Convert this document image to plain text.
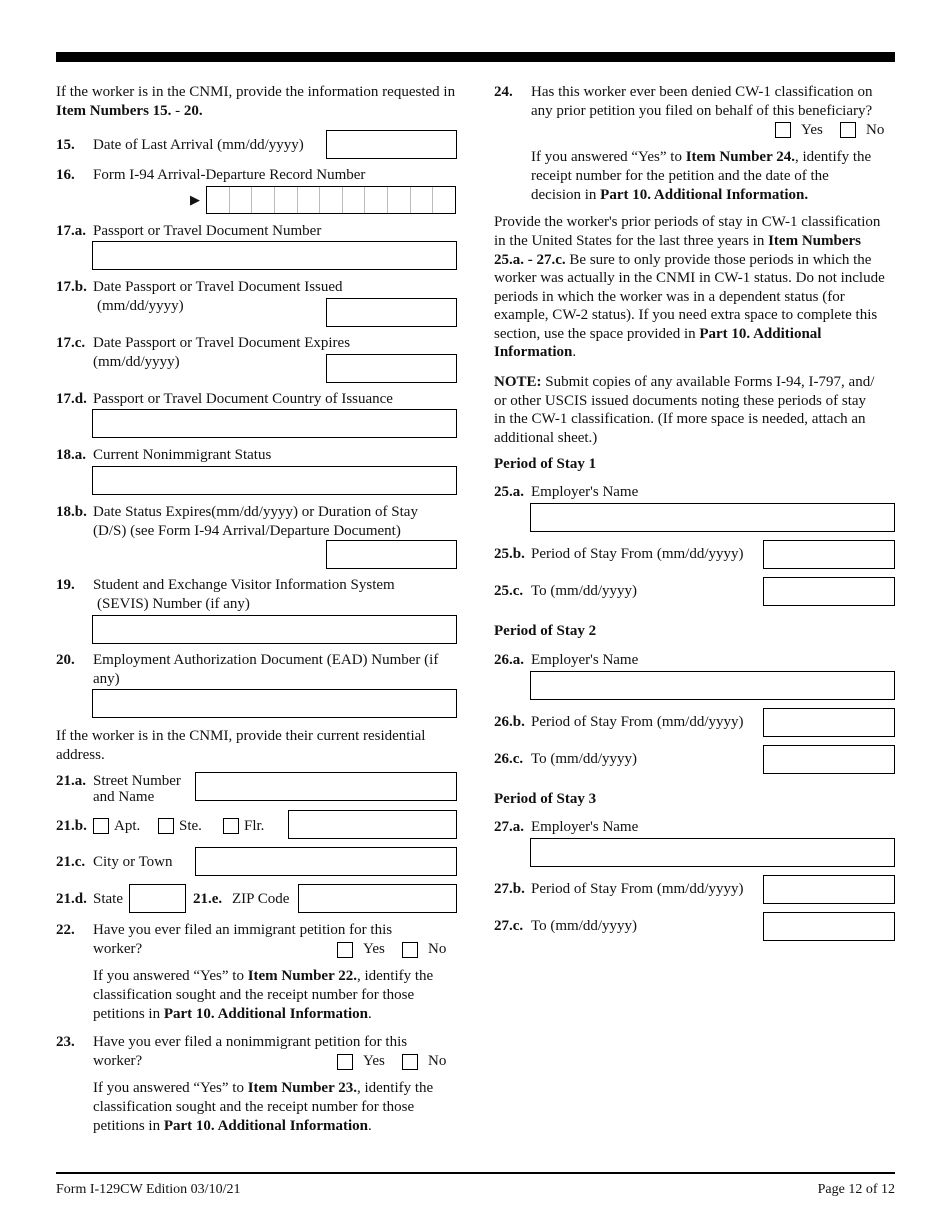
If the worker is in the CNMI, provide the information requested in Item Numbers 15. - 20.
15. Date of Last Arrival (mm/dd/yyyy)
16. Form I-94 Arrival-Departure Record Number
▶
17.a. Passport or Travel Document Number
17.b. Date Passport or Travel Document Issued
(mm/dd/yyyy)
17.c. Date Passport or Travel Document Expires
(mm/dd/yyyy)
17.d. Passport or Travel Document Country of Issuance
18.a. Current Nonimmigrant Status
18.b. Date Status Expires(mm/dd/yyyy) or Duration of Stay
(D/S) (see Form I-94 Arrival/Departure Document)
19. Student and Exchange Visitor Information System
(SEVIS) Number (if any)
20. Employment Authorization Document (EAD) Number (if
any)
If the worker is in the CNMI, provide their current residential
address.
21.a. Street Number
and Name
21.b. Apt.	Ste.	Flr.
21.c. City or Town
21.d. State	21.e. ZIP Code
22. Have you ever filed an immigrant petition for this
worker?	Yes	No
If you answered “Yes” to Item Number 22., identify the
classification sought and the receipt number for those
petitions in Part 10. Additional Information.
23. Have you ever filed a nonimmigrant petition for this
worker?	Yes	No
If you answered “Yes” to Item Number 23., identify the
classification sought and the receipt number for those
petitions in Part 10. Additional Information.
24. Has this worker ever been denied CW-1 classification on
any prior petition you filed on behalf of this beneficiary?
Yes	No
If you answered “Yes” to Item Number 24., identify the
receipt number for the petition and the date of the
decision in Part 10. Additional Information.
Provide the worker's prior periods of stay in CW-1 classification
in the United States for the last three years in Item Numbers
25.a. - 27.c. Be sure to only provide those periods in which the
worker was actually in the CNMI in CW-1 status. Do not include
periods in which the worker was in a dependent status (for
example, CW-2 status). If you need extra space to complete this
section, use the space provided in Part 10. Additional
Information.
NOTE: Submit copies of any available Forms I-94, I-797, and/
or other USCIS issued documents noting these periods of stay
in the CW-1 classification. (If more space is needed, attach an
additional sheet.)
Period of Stay 1
25.a. Employer's Name
25.b. Period of Stay From (mm/dd/yyyy)
25.c. To (mm/dd/yyyy)
Period of Stay 2
26.a. Employer's Name
26.b. Period of Stay From (mm/dd/yyyy)
26.c. To (mm/dd/yyyy)
Period of Stay 3
27.a. Employer's Name
27.b. Period of Stay From (mm/dd/yyyy)
27.c. To (mm/dd/yyyy)
Form I-129CW Edition 03/10/21	Page 12 of 12
